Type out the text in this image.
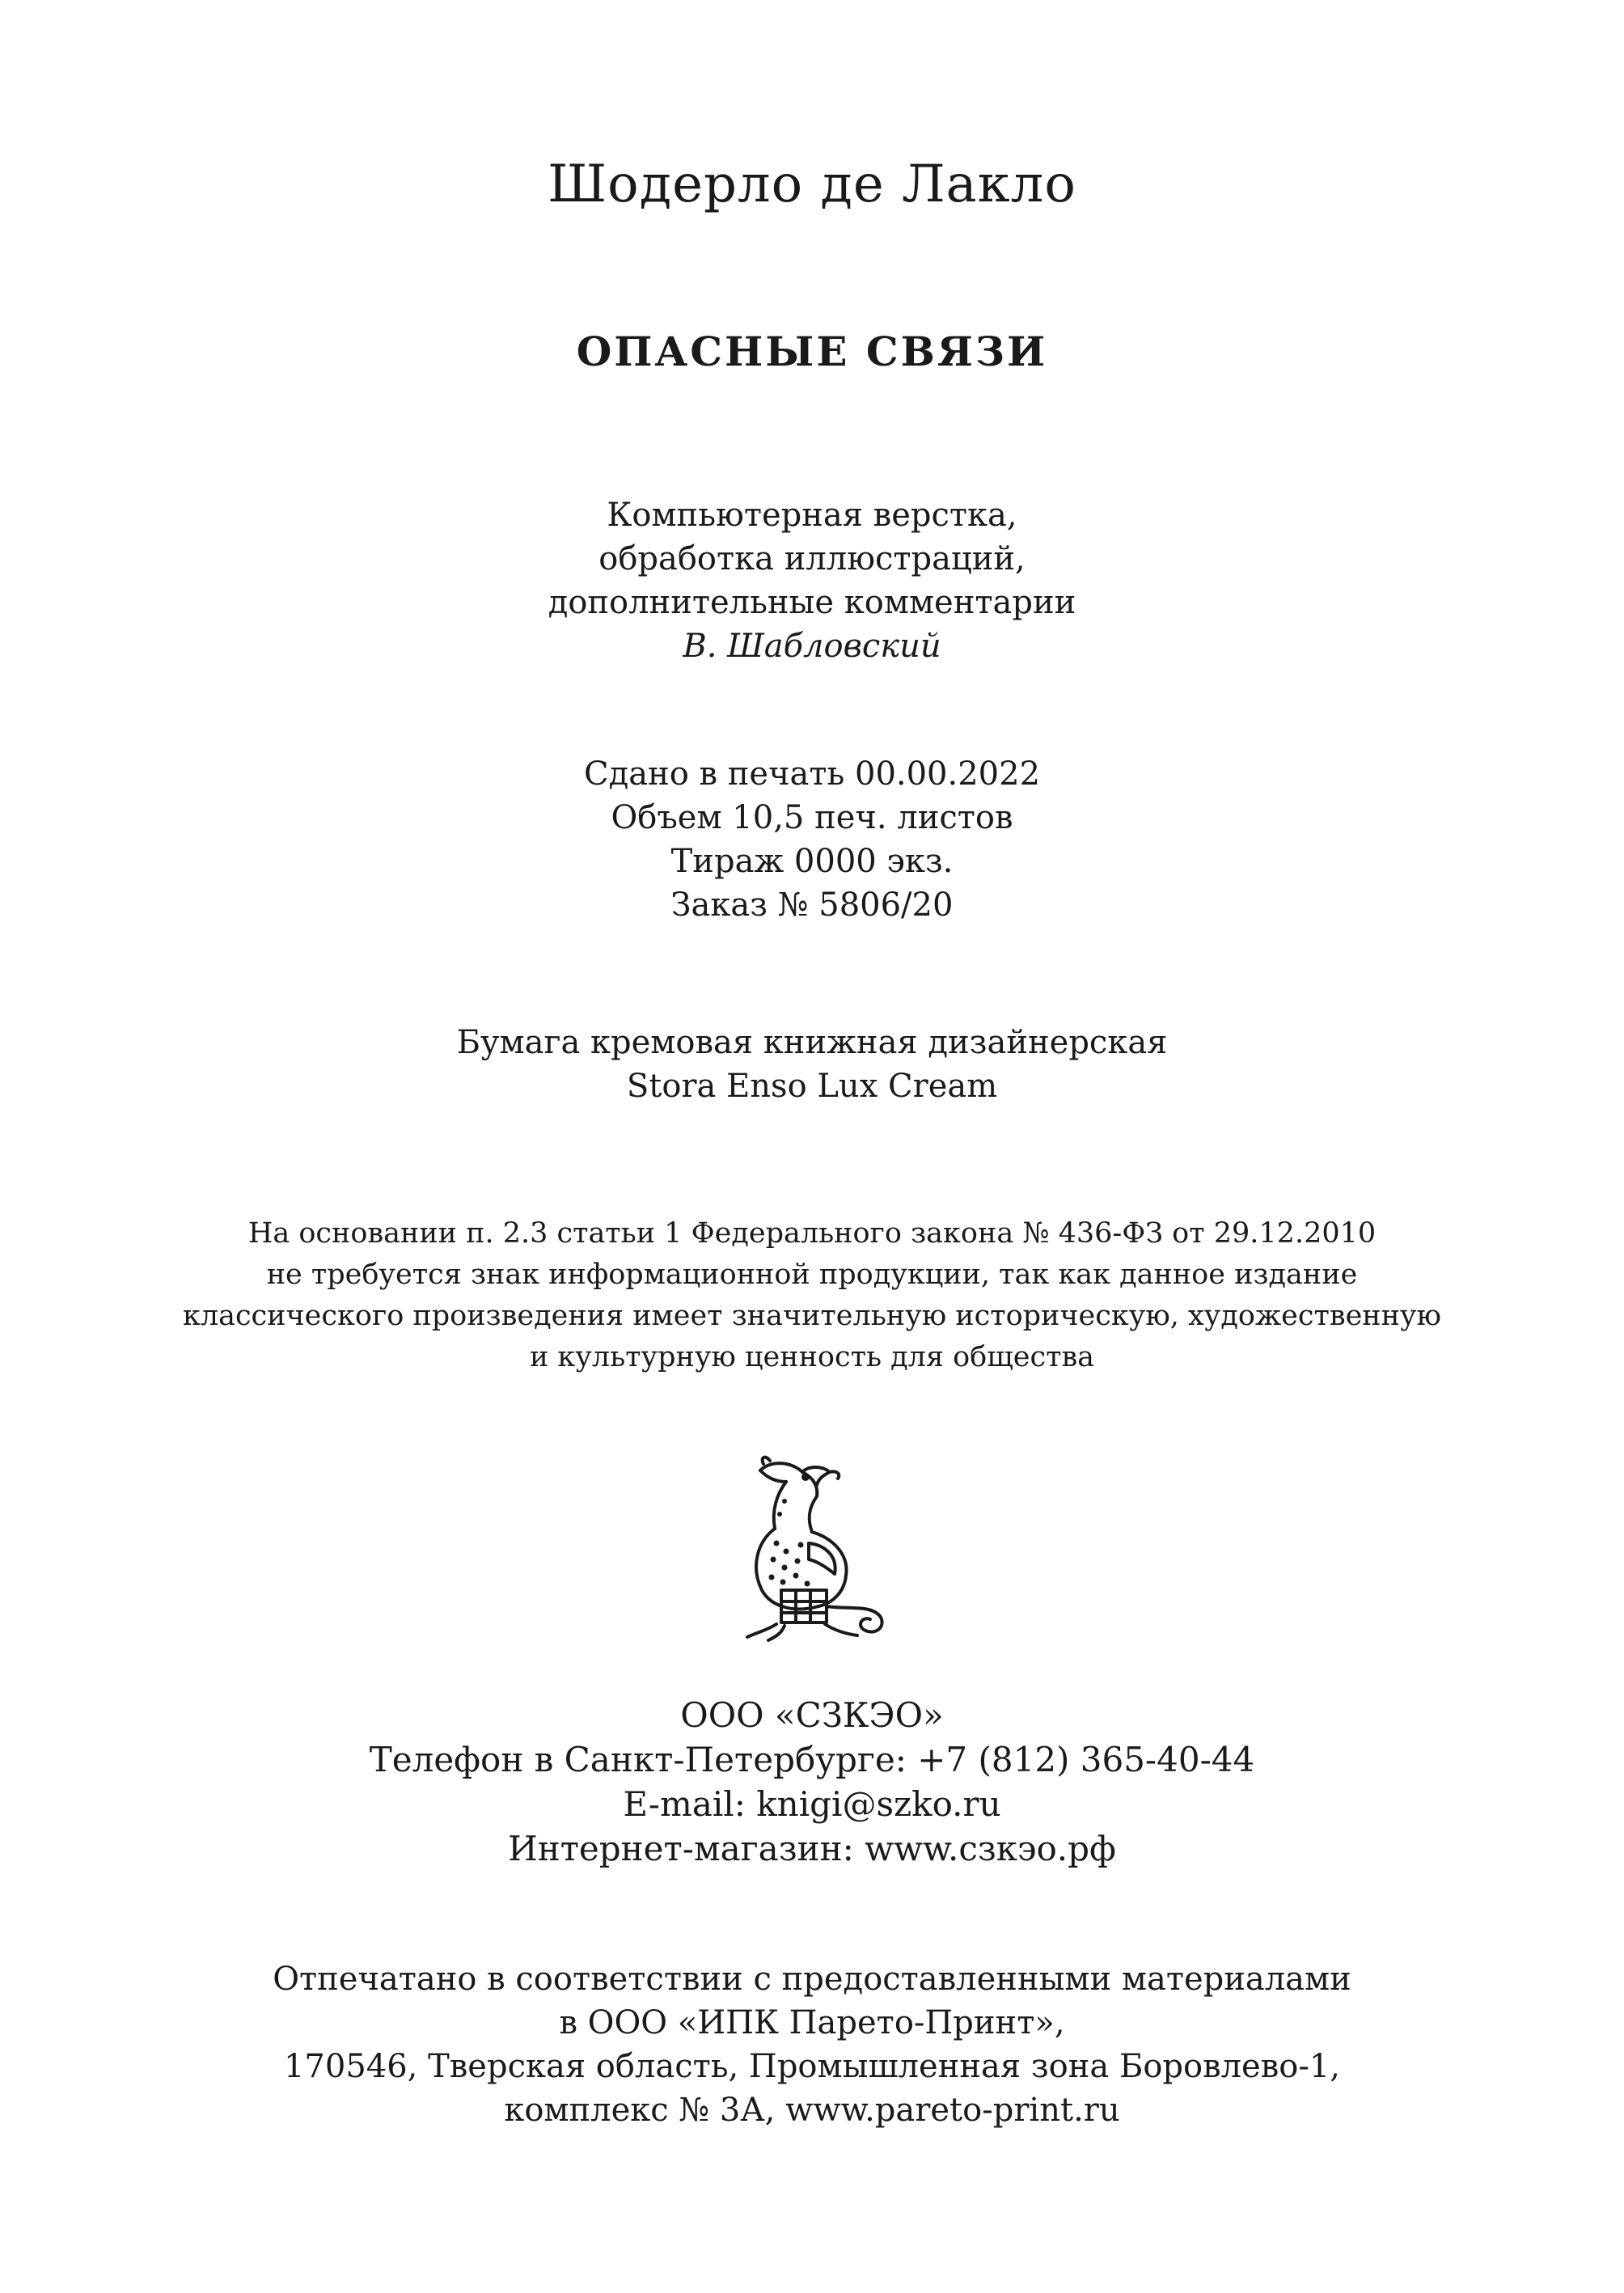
Шодерло де Лакло
ОПАСНЫЕ СВЯЗИ
Компьютерная верстка,
обработка иллюстраций,
дополнительные комментарии
В. Шабловский
Сдано в печать 00.00.2022
Объем 10,5 печ. листов
Тираж 0000 экз.
Заказ № 5806/20
Бумага кремовая книжная дизайнерская
Stora Enso Lux Cream
На основании п. 2.3 статьи 1 Федерального закона № 436-ФЗ от 29.12.2010
не требуется знак информационной продукции, так как данное издание
классического произведения имеет значительную историческую, художественную
и культурную ценность для общества
ООО «СЗКЭО»
Телефон в Санкт-Петербурге: +7 (812) 365-40-44
E-mail: knigi@szko.ru
Интернет-магазин: www.сзкэо.рф
Отпечатано в соответствии с предоставленными материалами
в ООО «ИПК Парето-Принт»,
170546, Тверская область, Промышленная зона Боровлево-1,
комплекс № 3А, www.pareto-print.ru
